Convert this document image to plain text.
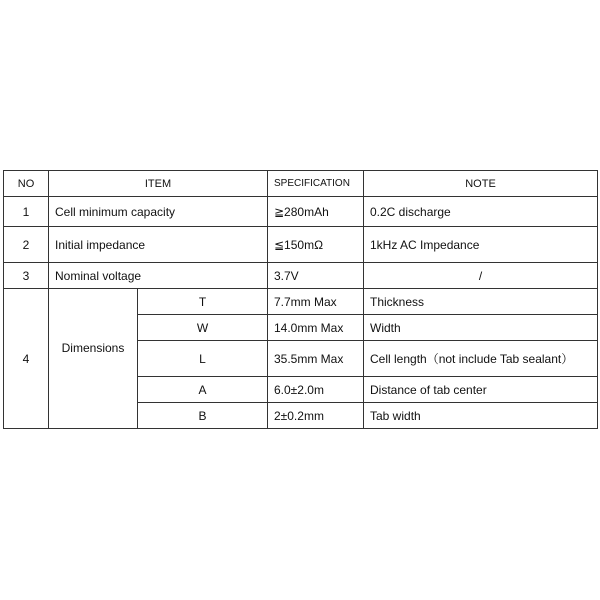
NO	ITEM		SPECIFICATION	NOTE
1	Cell minimum capacity		≧280mAh	0.2C discharge
2	Initial impedance		≦150mΩ	1kHz AC Impedance
3	Nominal voltage		3.7V	/
4	Dimensions	T	7.7mm Max	Thickness
		W	14.0mm Max	Width
		L	35.5mm Max	Cell length（not include Tab sealant）
		A	6.0±2.0m	Distance of tab center
		B	2±0.2mm	Tab width
